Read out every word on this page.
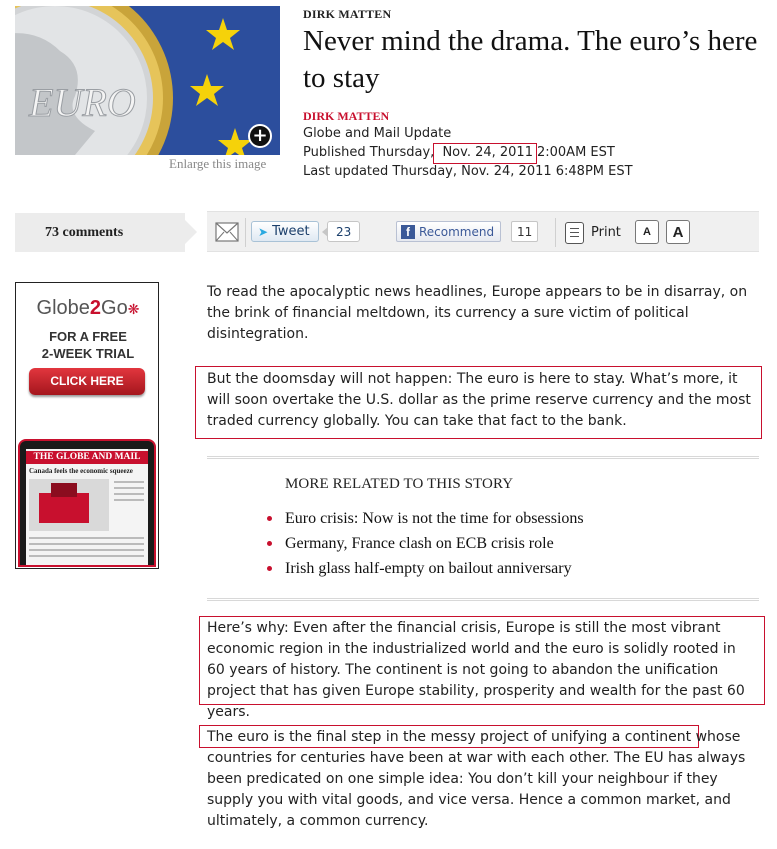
EURO
+
Enlarge this image
DIRK MATTEN
Never mind the drama. The euro’s here to stay
DIRK MATTEN
Globe and Mail Update
Published Thursday, Nov. 24, 2011 2:00AM EST
Last updated Thursday, Nov. 24, 2011 6:48PM EST
73 comments	➤ Tweet	23	f Recommend	11	Print	A	A
Globe2Go❋
FOR A FREE
2-WEEK TRIAL
CLICK HERE
THE GLOBE AND MAIL
Canada feels the economic squeeze

To read the apocalyptic news headlines, Europe appears to be in disarray, on the brink of financial meltdown, its currency a sure victim of political disintegration.

But the doomsday will not happen: The euro is here to stay. What’s more, it will soon overtake the U.S. dollar as the prime reserve currency and the most traded currency globally. You can take that fact to the bank.

MORE RELATED TO THIS STORY
Euro crisis: Now is not the time for obsessions
Germany, France clash on ECB crisis role
Irish glass half-empty on bailout anniversary

Here’s why: Even after the financial crisis, Europe is still the most vibrant economic region in the industrialized world and the euro is solidly rooted in 60 years of history. The continent is not going to abandon the unification project that has given Europe stability, prosperity and wealth for the past 60 years.

The euro is the final step in the messy project of unifying a continent whose countries for centuries have been at war with each other. The EU has always been predicated on one simple idea: You don’t kill your neighbour if they supply you with vital goods, and vice versa. Hence a common market, and ultimately, a common currency.
